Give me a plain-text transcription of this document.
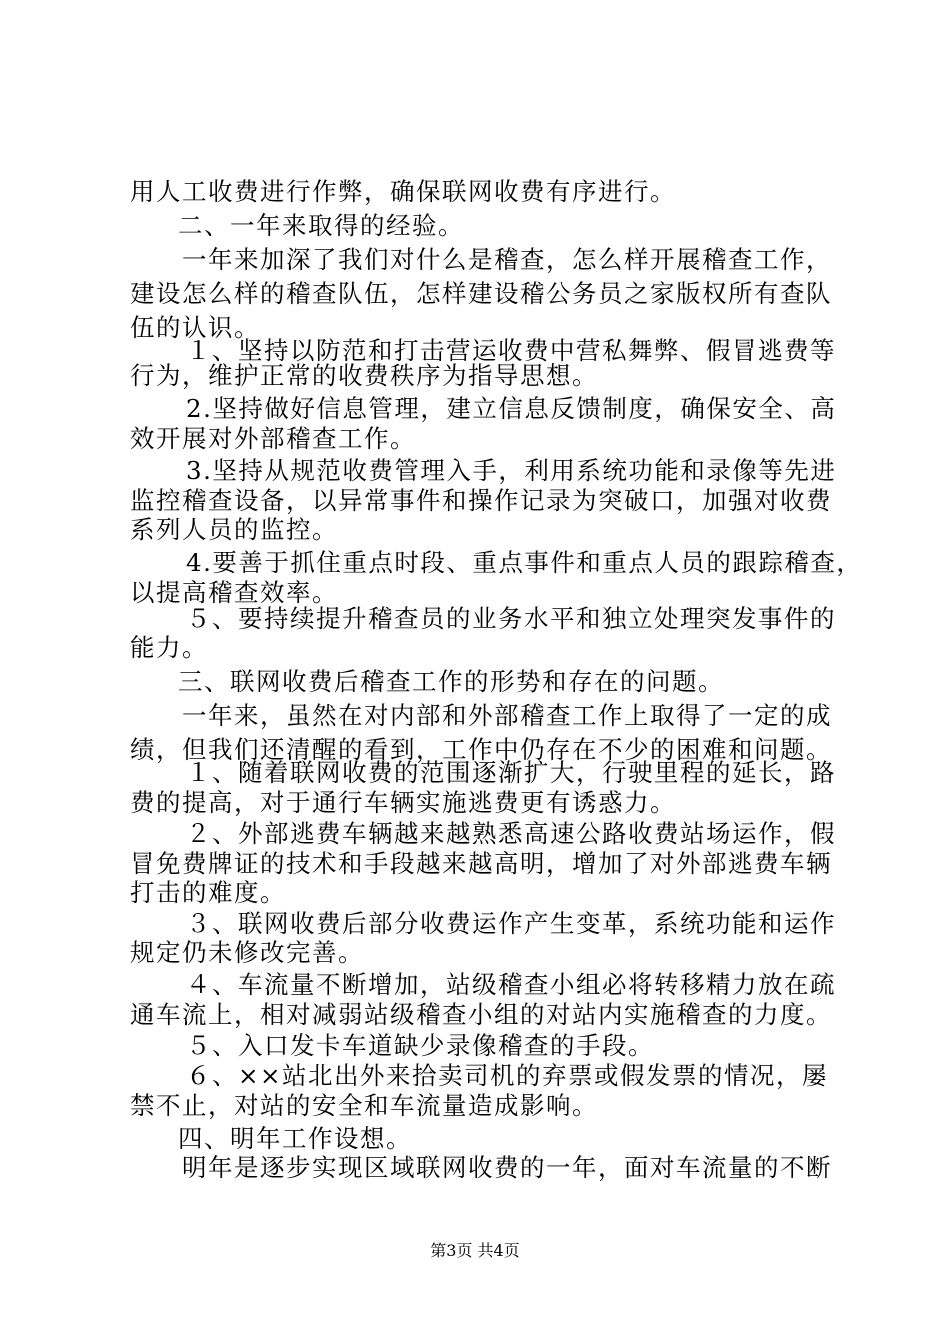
用人工收费进行作弊，确保联网收费有序进行。
二、一年来取得的经验。
一年来加深了我们对什么是稽查，怎么样开展稽查工作，
建设怎么样的稽查队伍，怎样建设稽公务员之家版权所有查队
伍的认识。
１、坚持以防范和打击营运收费中营私舞弊、假冒逃费等
行为，维护正常的收费秩序为指导思想。
2.坚持做好信息管理，建立信息反馈制度，确保安全、高
效开展对外部稽查工作。
3.坚持从规范收费管理入手，利用系统功能和录像等先进
监控稽查设备，以异常事件和操作记录为突破口，加强对收费
系列人员的监控。
4.要善于抓住重点时段、重点事件和重点人员的跟踪稽查，
以提高稽查效率。
５、要持续提升稽查员的业务水平和独立处理突发事件的
能力。
三、联网收费后稽查工作的形势和存在的问题。
一年来，虽然在对内部和外部稽查工作上取得了一定的成
绩，但我们还清醒的看到，工作中仍存在不少的困难和问题。
１、随着联网收费的范围逐渐扩大，行驶里程的延长，路
费的提高，对于通行车辆实施逃费更有诱惑力。
２、外部逃费车辆越来越熟悉高速公路收费站场运作，假
冒免费牌证的技术和手段越来越高明，增加了对外部逃费车辆
打击的难度。
３、联网收费后部分收费运作产生变革，系统功能和运作
规定仍未修改完善。
４、车流量不断增加，站级稽查小组必将转移精力放在疏
通车流上，相对减弱站级稽查小组的对站内实施稽查的力度。
５、入口发卡车道缺少录像稽查的手段。
６、××站北出外来拾卖司机的弃票或假发票的情况，屡
禁不止，对站的安全和车流量造成影响。
四、明年工作设想。
明年是逐步实现区域联网收费的一年，面对车流量的不断
第3页 共4页
